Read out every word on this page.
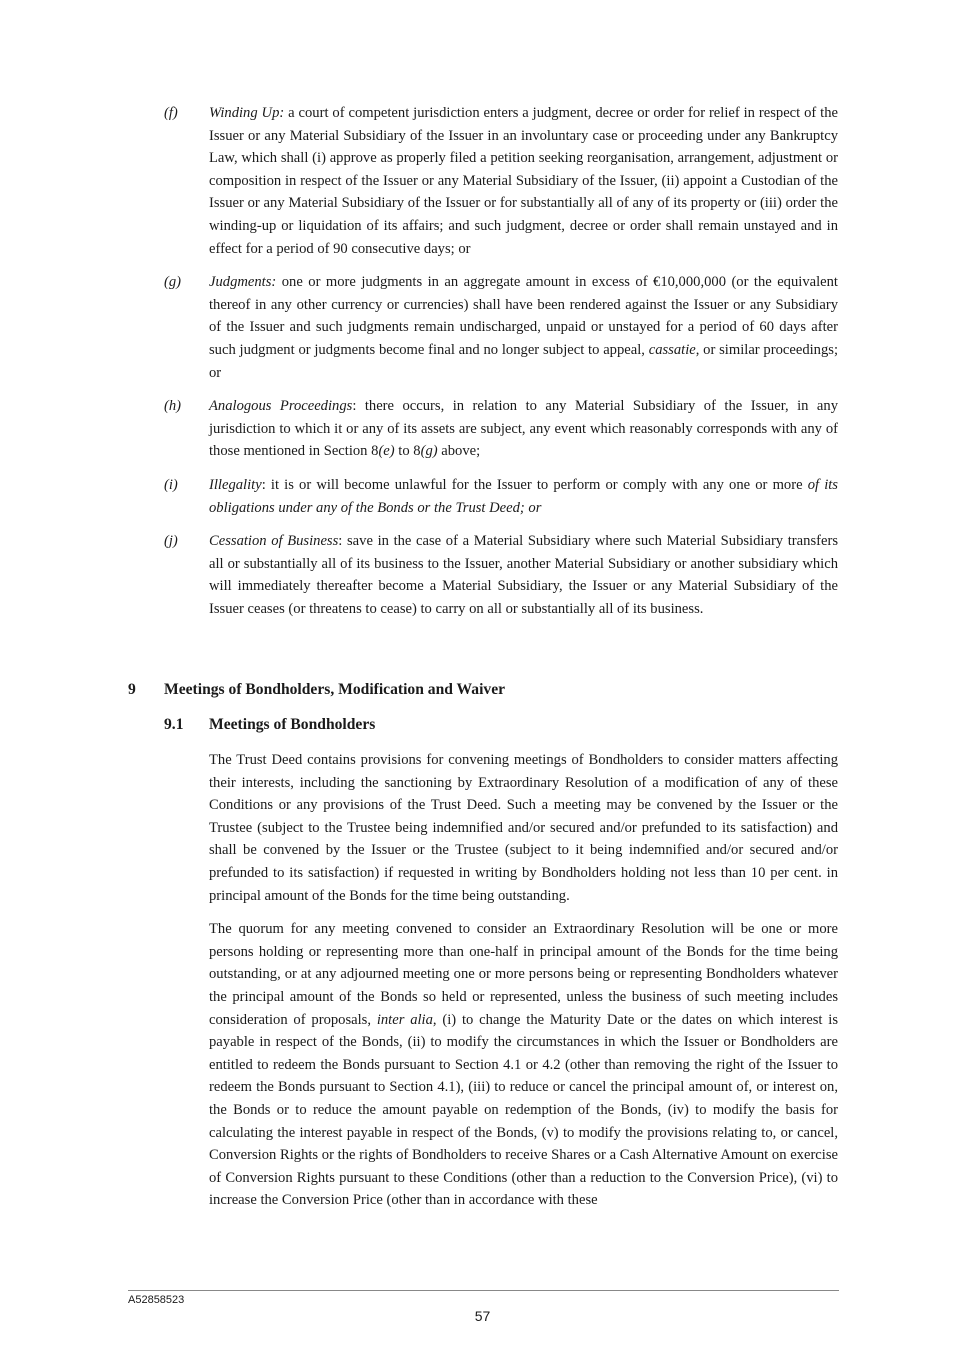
(f) Winding Up: a court of competent jurisdiction enters a judgment, decree or order for relief in respect of the Issuer or any Material Subsidiary of the Issuer in an involuntary case or proceeding under any Bankruptcy Law, which shall (i) approve as properly filed a petition seeking reorganisation, arrangement, adjustment or composition in respect of the Issuer or any Material Subsidiary of the Issuer, (ii) appoint a Custodian of the Issuer or any Material Subsidiary of the Issuer or for substantially all of any of its property or (iii) order the winding-up or liquidation of its affairs; and such judgment, decree or order shall remain unstayed and in effect for a period of 90 consecutive days; or
(g) Judgments: one or more judgments in an aggregate amount in excess of €10,000,000 (or the equivalent thereof in any other currency or currencies) shall have been rendered against the Issuer or any Subsidiary of the Issuer and such judgments remain undischarged, unpaid or unstayed for a period of 60 days after such judgment or judgments become final and no longer subject to appeal, cassatie, or similar proceedings; or
(h) Analogous Proceedings: there occurs, in relation to any Material Subsidiary of the Issuer, in any jurisdiction to which it or any of its assets are subject, any event which reasonably corresponds with any of those mentioned in Section 8(e) to 8(g) above;
(i) Illegality: it is or will become unlawful for the Issuer to perform or comply with any one or more of its obligations under any of the Bonds or the Trust Deed; or
(j) Cessation of Business: save in the case of a Material Subsidiary where such Material Subsidiary transfers all or substantially all of its business to the Issuer, another Material Subsidiary or another subsidiary which will immediately thereafter become a Material Subsidiary, the Issuer or any Material Subsidiary of the Issuer ceases (or threatens to cease) to carry on all or substantially all of its business.
9 Meetings of Bondholders, Modification and Waiver
9.1 Meetings of Bondholders

The Trust Deed contains provisions for convening meetings of Bondholders to consider matters affecting their interests, including the sanctioning by Extraordinary Resolution of a modification of any of these Conditions or any provisions of the Trust Deed. Such a meeting may be convened by the Issuer or the Trustee (subject to the Trustee being indemnified and/or secured and/or prefunded to its satisfaction) and shall be convened by the Issuer or the Trustee (subject to it being indemnified and/or secured and/or prefunded to its satisfaction) if requested in writing by Bondholders holding not less than 10 per cent. in principal amount of the Bonds for the time being outstanding.

The quorum for any meeting convened to consider an Extraordinary Resolution will be one or more persons holding or representing more than one-half in principal amount of the Bonds for the time being outstanding, or at any adjourned meeting one or more persons being or representing Bondholders whatever the principal amount of the Bonds so held or represented, unless the business of such meeting includes consideration of proposals, inter alia, (i) to change the Maturity Date or the dates on which interest is payable in respect of the Bonds, (ii) to modify the circumstances in which the Issuer or Bondholders are entitled to redeem the Bonds pursuant to Section 4.1 or 4.2 (other than removing the right of the Issuer to redeem the Bonds pursuant to Section 4.1), (iii) to reduce or cancel the principal amount of, or interest on, the Bonds or to reduce the amount payable on redemption of the Bonds, (iv) to modify the basis for calculating the interest payable in respect of the Bonds, (v) to modify the provisions relating to, or cancel, Conversion Rights or the rights of Bondholders to receive Shares or a Cash Alternative Amount on exercise of Conversion Rights pursuant to these Conditions (other than a reduction to the Conversion Price), (vi) to increase the Conversion Price (other than in accordance with these

A52858523
57
